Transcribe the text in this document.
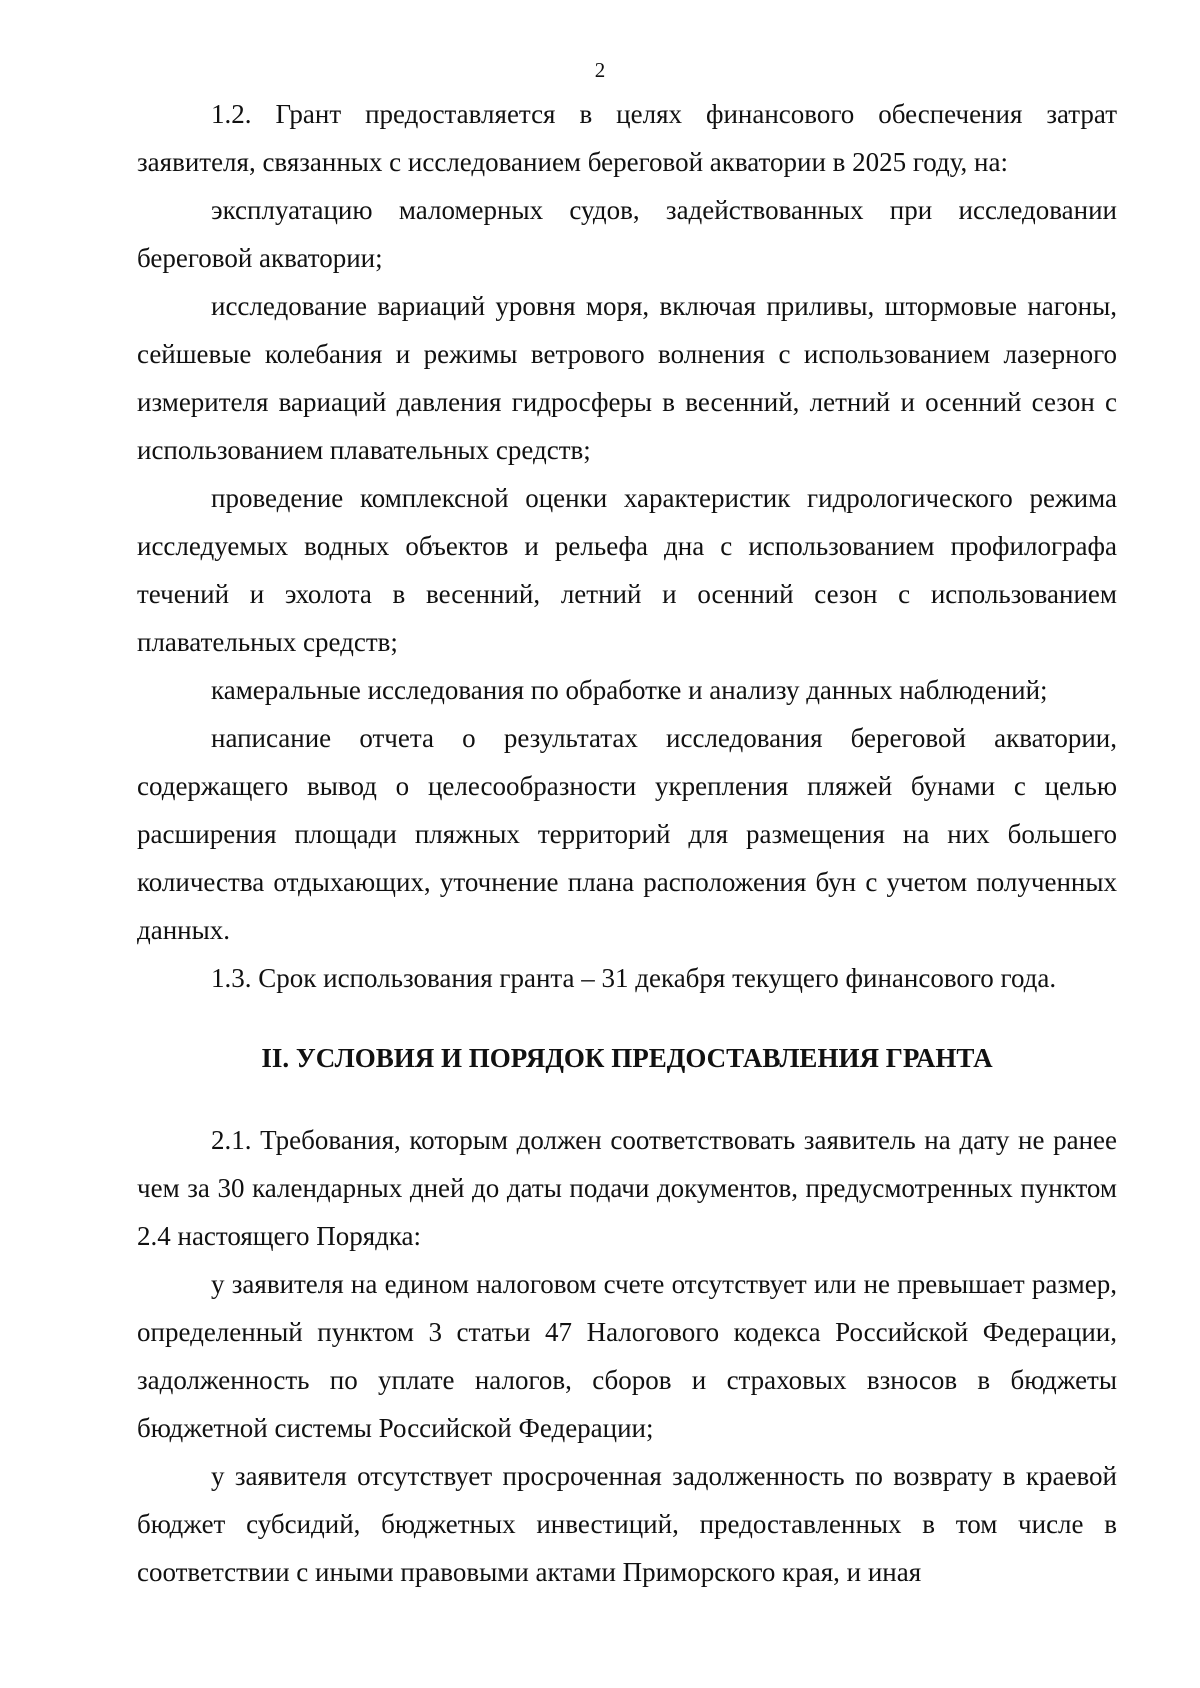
2

1.2. Грант предоставляется в целях финансового обеспечения затрат заявителя, связанных с исследованием береговой акватории в 2025 году, на:

эксплуатацию маломерных судов, задействованных при исследовании береговой акватории;

исследование вариаций уровня моря, включая приливы, штормовые нагоны, сейшевые колебания и режимы ветрового волнения с использованием лазерного измерителя вариаций давления гидросферы в весенний, летний и осенний сезон с использованием плавательных средств;

проведение комплексной оценки характеристик гидрологического режима исследуемых водных объектов и рельефа дна с использованием профилографа течений и эхолота в весенний, летний и осенний сезон с использованием плавательных средств;

камеральные исследования по обработке и анализу данных наблюдений;

написание отчета о результатах исследования береговой акватории, содержащего вывод о целесообразности укрепления пляжей бунами с целью расширения площади пляжных территорий для размещения на них большего количества отдыхающих, уточнение плана расположения бун с учетом полученных данных.

1.3. Срок использования гранта – 31 декабря текущего финансового года.

II. УСЛОВИЯ И ПОРЯДОК ПРЕДОСТАВЛЕНИЯ ГРАНТА

2.1. Требования, которым должен соответствовать заявитель на дату не ранее чем за 30 календарных дней до даты подачи документов, предусмотренных пунктом 2.4 настоящего Порядка:

у заявителя на едином налоговом счете отсутствует или не превышает размер, определенный пунктом 3 статьи 47 Налогового кодекса Российской Федерации, задолженность по уплате налогов, сборов и страховых взносов в бюджеты бюджетной системы Российской Федерации;

у заявителя отсутствует просроченная задолженность по возврату в краевой бюджет субсидий, бюджетных инвестиций, предоставленных в том числе в соответствии с иными правовыми актами Приморского края, и иная
